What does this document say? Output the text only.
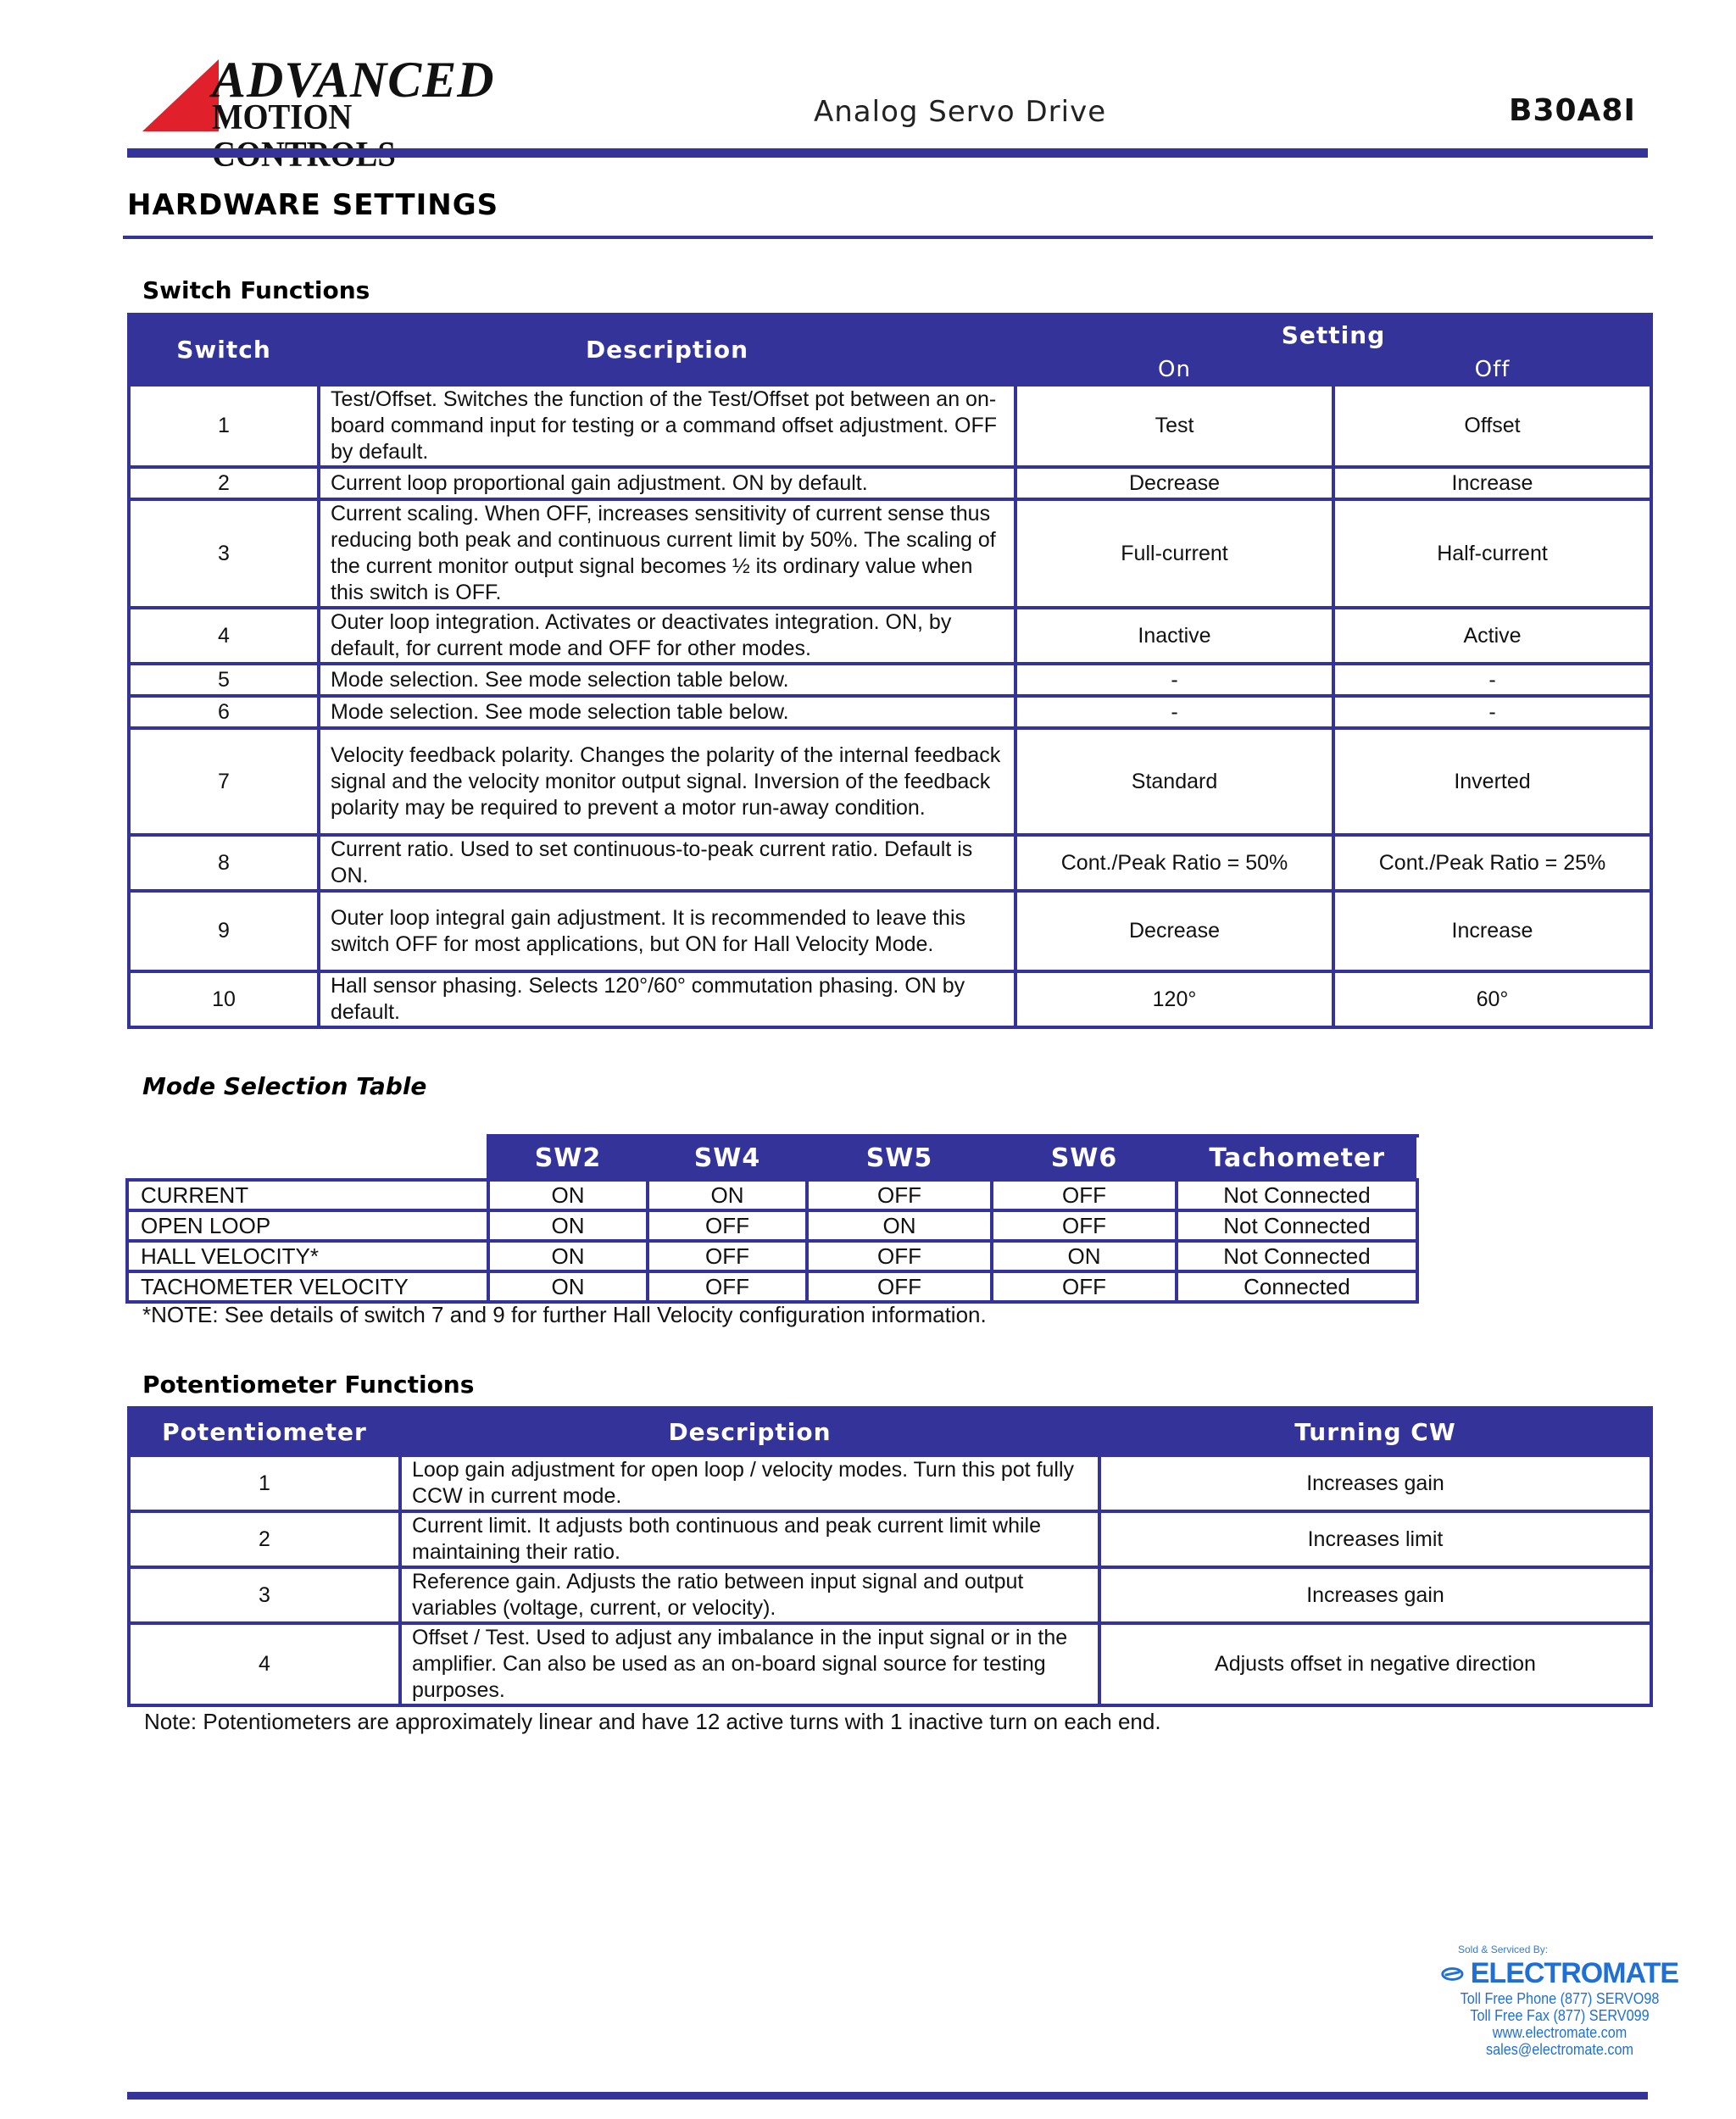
ADVANCED
MOTION	Analog Servo Drive	B30A8I
HARDWARE SETTINGS
Switch Functions
Switch	Description	Setting	
		On	Off
1	Test/Offset. Switches the function of the Test/Offset pot between an on-board command input for testing or a command offset adjustment. OFF by default.	Test	Offset
2	Current loop proportional gain adjustment. ON by default.	Decrease	Increase
3	Current scaling. When OFF, increases sensitivity of current sense thus reducing both peak and continuous current limit by 50%. The scaling of the current monitor output signal becomes ½ its ordinary value when this switch is OFF.	Full-current	Half-current
4	Outer loop integration. Activates or deactivates integration. ON, by default, for current mode and OFF for other modes.	Inactive	Active
5	Mode selection. See mode selection table below.	-	-
6	Mode selection. See mode selection table below.	-	-
7	Velocity feedback polarity. Changes the polarity of the internal feedback signal and the velocity monitor output signal. Inversion of the feedback polarity may be required to prevent a motor run-away condition.	Standard	Inverted
8	Current ratio. Used to set continuous-to-peak current ratio. Default is ON.	Cont./Peak Ratio = 50%	Cont./Peak Ratio = 25%
9	Outer loop integral gain adjustment. It is recommended to leave this switch OFF for most applications, but ON for Hall Velocity Mode.	Decrease	Increase
10	Hall sensor phasing. Selects 120°/60° commutation phasing. ON by default.	120°	60°
Mode Selection Table
	SW2	SW4	SW5	SW6	Tachometer
CURRENT	ON	ON	OFF	OFF	Not Connected
OPEN LOOP	ON	OFF	ON	OFF	Not Connected
HALL VELOCITY*	ON	OFF	OFF	ON	Not Connected
TACHOMETER VELOCITY	ON	OFF	OFF	OFF	Connected
*NOTE: See details of switch 7 and 9 for further Hall Velocity configuration information.
Potentiometer Functions
Potentiometer	Description	Turning CW
1	Loop gain adjustment for open loop / velocity modes. Turn this pot fully CCW in current mode.	Increases gain
2	Current limit. It adjusts both continuous and peak current limit while maintaining their ratio.	Increases limit
3	Reference gain. Adjusts the ratio between input signal and output variables (voltage, current, or velocity).	Increases gain
4	Offset / Test. Used to adjust any imbalance in the input signal or in the amplifier. Can also be used as an on-board signal source for testing purposes.	Adjusts offset in negative direction
Note: Potentiometers are approximately linear and have 12 active turns with 1 inactive turn on each end.
Sold & Serviced By:
ELECTROMATE
Toll Free Phone (877) SERVO98
Toll Free Fax (877) SERV099
www.electromate.com
sales@electromate.com
